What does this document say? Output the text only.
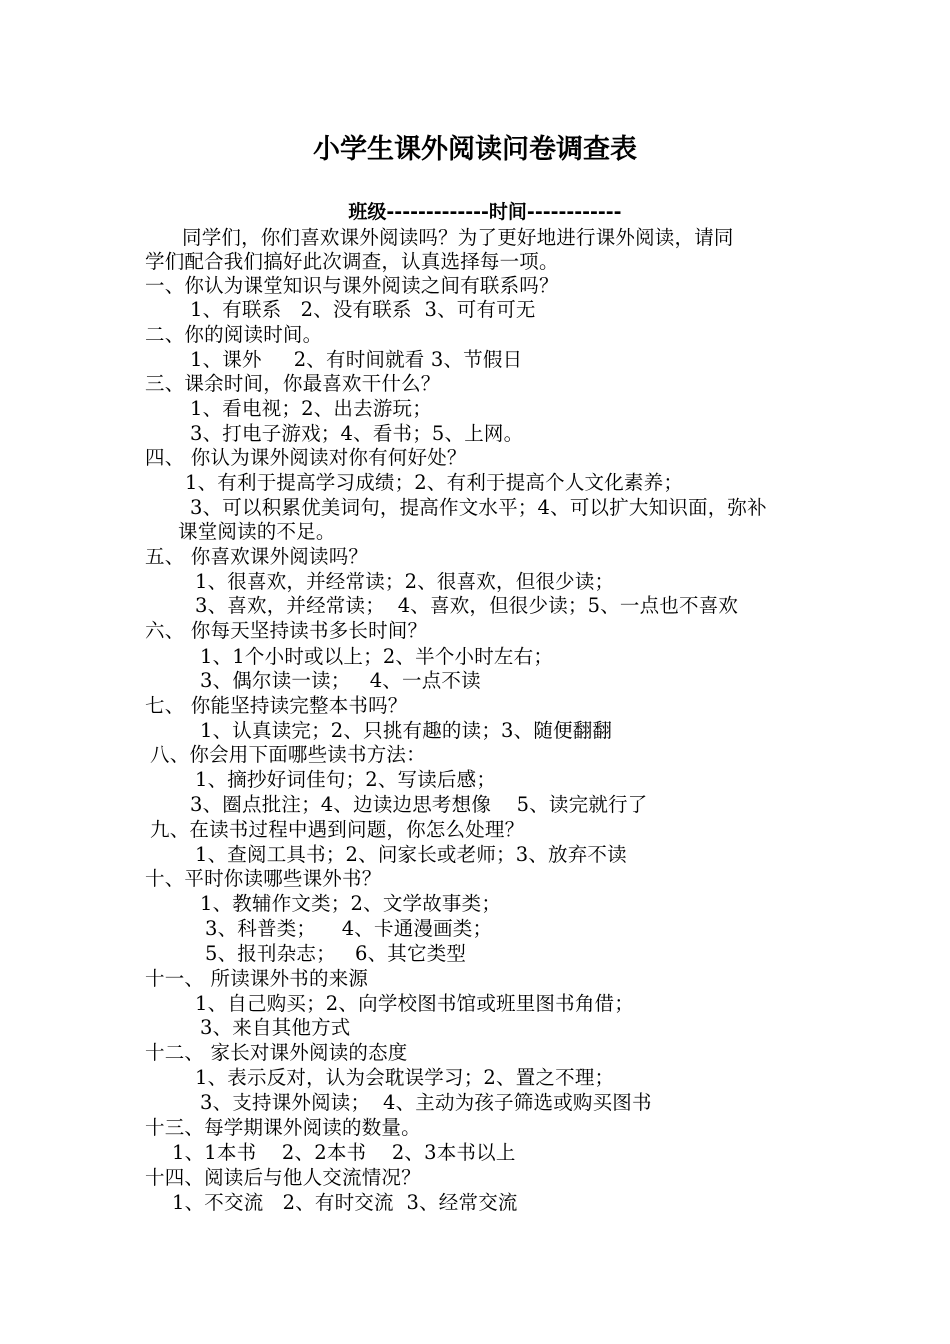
小学生课外阅读问卷调查表
班级-------------时间------------
同学们，你们喜欢课外阅读吗？为了更好地进行课外阅读，请同
学们配合我们搞好此次调查，认真选择每一项。
一、你认为课堂知识与课外阅读之间有联系吗？
1、有联系   2、没有联系  3、可有可无
二、你的阅读时间。
1、课外     2、有时间就看 3、节假日
三、课余时间，你最喜欢干什么？
1、看电视；2、出去游玩；
3、打电子游戏；4、看书；5、上网。
四、 你认为课外阅读对你有何好处？
1、有利于提高学习成绩；2、有利于提高个人文化素养；
3、可以积累优美词句，提高作文水平；4、可以扩大知识面，弥补
课堂阅读的不足。
五、 你喜欢课外阅读吗？
1、很喜欢，并经常读；2、很喜欢，但很少读；
3、喜欢，并经常读；  4、喜欢，但很少读；5、一点也不喜欢
六、 你每天坚持读书多长时间？
1、1个小时或以上；2、半个小时左右；
3、偶尔读一读；   4、一点不读
七、 你能坚持读完整本书吗？
1、认真读完；2、只挑有趣的读；3、随便翻翻
八、你会用下面哪些读书方法：
1、摘抄好词佳句；2、写读后感；
3、圈点批注；4、边读边思考想像    5、读完就行了
九、在读书过程中遇到问题，你怎么处理？
1、查阅工具书；2、问家长或老师；3、放弃不读
十、平时你读哪些课外书？
1、教辅作文类；2、文学故事类；
3、科普类；    4、卡通漫画类；
5、报刊杂志；   6、其它类型
十一、 所读课外书的来源
1、自己购买；2、向学校图书馆或班里图书角借；
3、来自其他方式
十二、 家长对课外阅读的态度
1、表示反对，认为会耽误学习；2、置之不理；
3、支持课外阅读；  4、主动为孩子筛选或购买图书
十三、每学期课外阅读的数量。
1、1本书    2、2本书    2、3本书以上
十四、阅读后与他人交流情况？
1、不交流   2、有时交流  3、经常交流
